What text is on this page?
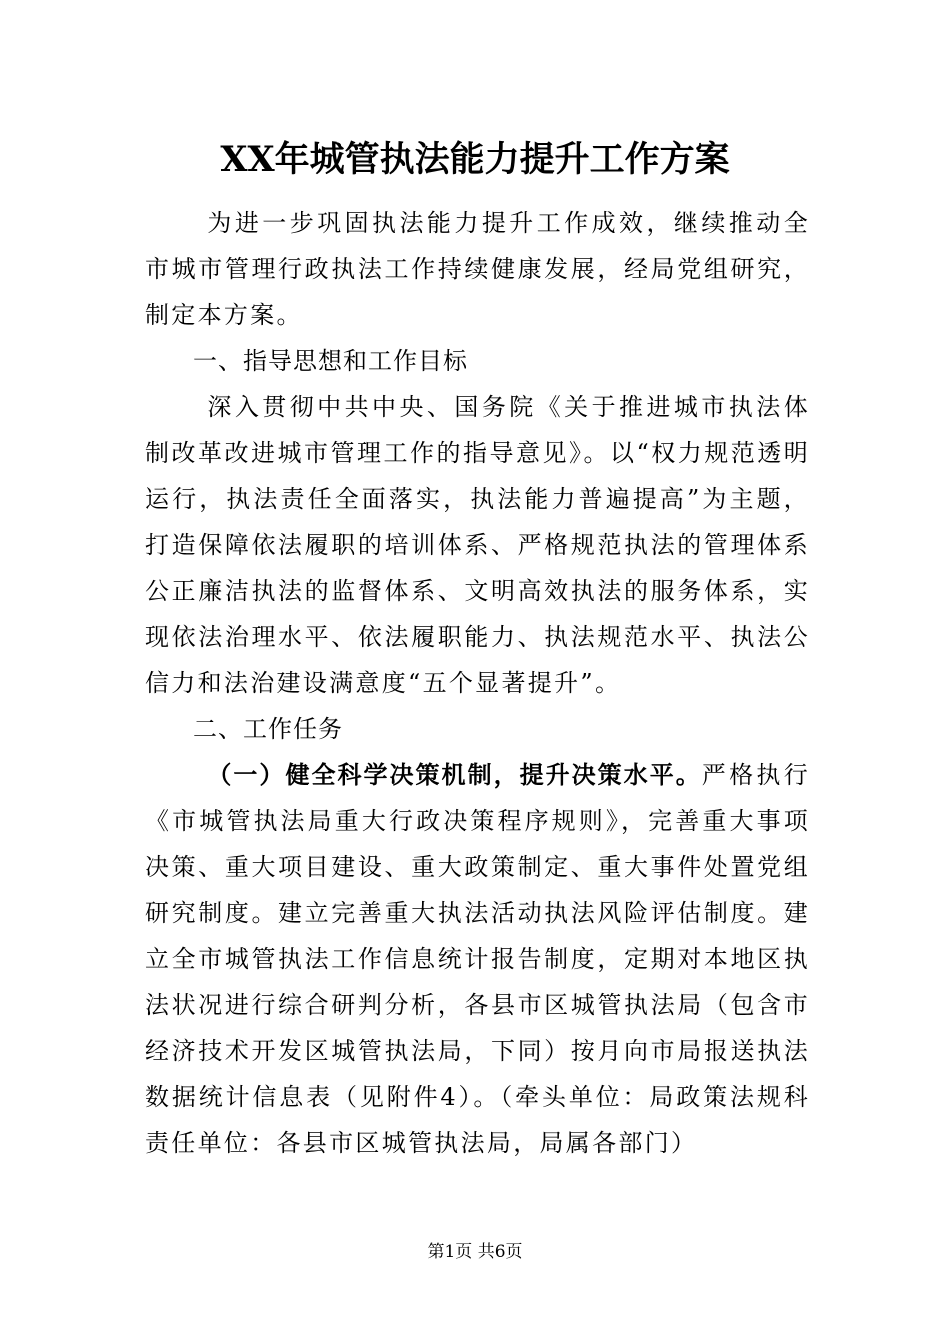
XX年城管执法能力提升工作方案

为进一步巩固执法能力提升工作成效，继续推动全市城市管理行政执法工作持续健康发展，经局党组研究，制定本方案。

一、指导思想和工作目标

深入贯彻中共中央、国务院《关于推进城市执法体制改革改进城市管理工作的指导意见》。以“权力规范透明运行，执法责任全面落实，执法能力普遍提高”为主题，打造保障依法履职的培训体系、严格规范执法的管理体系公正廉洁执法的监督体系、文明高效执法的服务体系，实现依法治理水平、依法履职能力、执法规范水平、执法公信力和法治建设满意度“五个显著提升”。

二、工作任务

（一）健全科学决策机制，提升决策水平。严格执行《市城管执法局重大行政决策程序规则》，完善重大事项决策、重大项目建设、重大政策制定、重大事件处置党组研究制度。建立完善重大执法活动执法风险评估制度。建立全市城管执法工作信息统计报告制度，定期对本地区执法状况进行综合研判分析，各县市区城管执法局（包含市经济技术开发区城管执法局，下同）按月向市局报送执法数据统计信息表（见附件4）。（牵头单位：局政策法规科责任单位：各县市区城管执法局，局属各部门）

第1页 共6页
